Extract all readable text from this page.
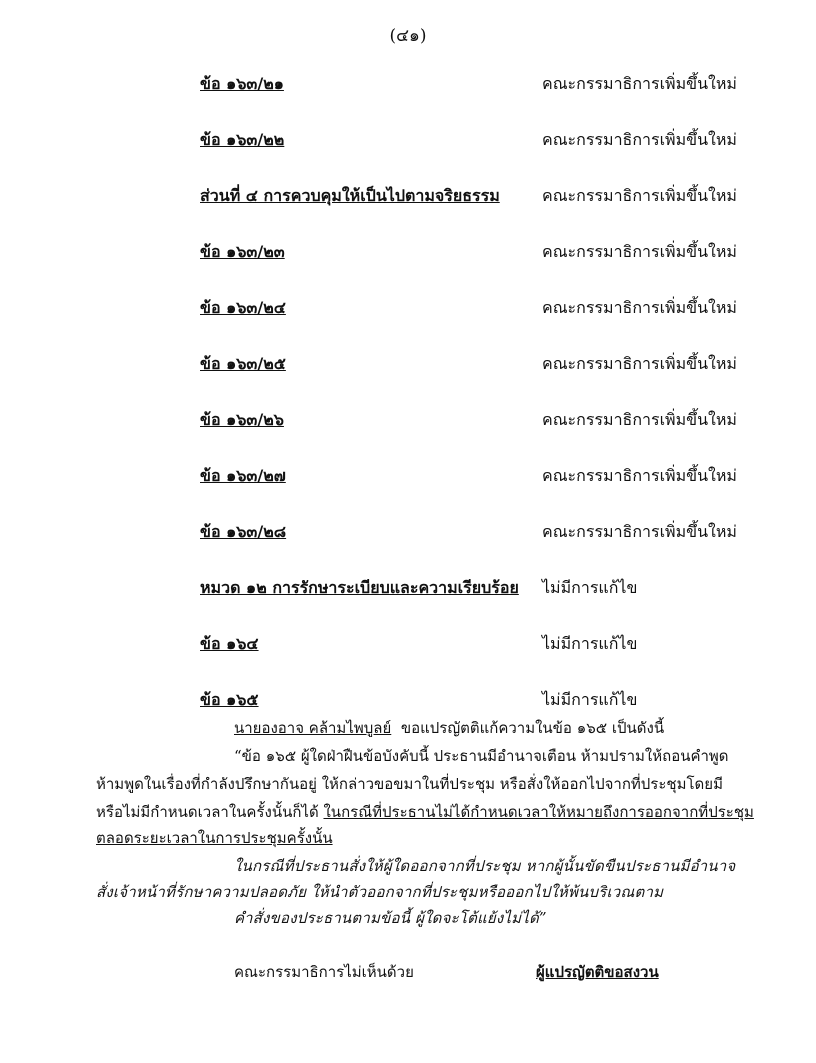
(๔๑)
ข้อ ๑๖๓/๒๑	คณะกรรมาธิการเพิ่มขึ้นใหม่
ข้อ ๑๖๓/๒๒	คณะกรรมาธิการเพิ่มขึ้นใหม่
ส่วนที่ ๔ การควบคุมให้เป็นไปตามจริยธรรม	คณะกรรมาธิการเพิ่มขึ้นใหม่
ข้อ ๑๖๓/๒๓	คณะกรรมาธิการเพิ่มขึ้นใหม่
ข้อ ๑๖๓/๒๔	คณะกรรมาธิการเพิ่มขึ้นใหม่
ข้อ ๑๖๓/๒๕	คณะกรรมาธิการเพิ่มขึ้นใหม่
ข้อ ๑๖๓/๒๖	คณะกรรมาธิการเพิ่มขึ้นใหม่
ข้อ ๑๖๓/๒๗	คณะกรรมาธิการเพิ่มขึ้นใหม่
ข้อ ๑๖๓/๒๘	คณะกรรมาธิการเพิ่มขึ้นใหม่
หมวด ๑๒ การรักษาระเบียบและความเรียบร้อย ไม่มีการแก้ไข
ข้อ ๑๖๔	ไม่มีการแก้ไข
ข้อ ๑๖๕	ไม่มีการแก้ไข
นายองอาจ คล้ามไพบูลย์ ขอแปรญัตติแก้ความในข้อ ๑๖๕ เป็นดังนี้
“ข้อ ๑๖๕ ผู้ใดฝ่าฝืนข้อบังคับนี้ ประธานมีอำนาจเตือน ห้ามปรามให้ถอนคำพูด
ห้ามพูดในเรื่องที่กำลังปรึกษากันอยู่ ให้กล่าวขอขมาในที่ประชุม หรือสั่งให้ออกไปจากที่ประชุมโดยมี
หรือไม่มีกำหนดเวลาในครั้งนั้นก็ได้ ในกรณีที่ประธานไม่ได้กำหนดเวลาให้หมายถึงการออกจากที่ประชุม
ตลอดระยะเวลาในการประชุมครั้งนั้น
ในกรณีที่ประธานสั่งให้ผู้ใดออกจากที่ประชุม หากผู้นั้นขัดขืนประธานมีอำนาจ
สั่งเจ้าหน้าที่รักษาความปลอดภัย ให้นำตัวออกจากที่ประชุมหรือออกไปให้พ้นบริเวณตาม
คำสั่งของประธานตามข้อนี้ ผู้ใดจะโต้แย้งไม่ได้”
คณะกรรมาธิการไม่เห็นด้วย	ผู้แปรญัตติขอสงวน
